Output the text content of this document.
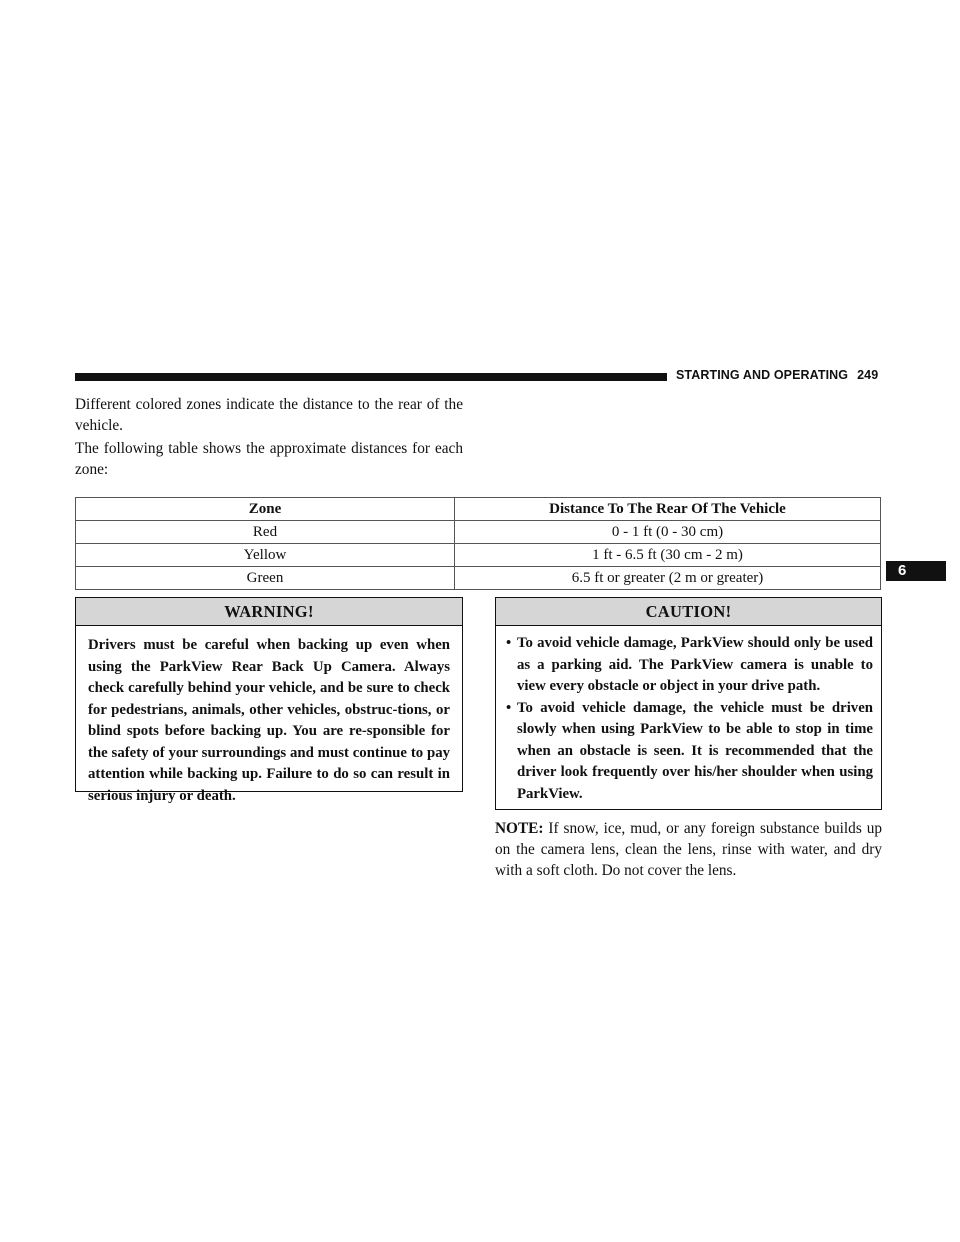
STARTING AND OPERATING 249
6

Different colored zones indicate the distance to the rear of the vehicle.

The following table shows the approximate distances for each zone:

Zone	Distance To The Rear Of The Vehicle
Red	0 - 1 ft (0 - 30 cm)
Yellow	1 ft - 6.5 ft (30 cm - 2 m)
Green	6.5 ft or greater (2 m or greater)
WARNING!
Drivers must be careful when backing up even when using the ParkView Rear Back Up Camera. Always check carefully behind your vehicle, and be sure to check for pedestrians, animals, other vehicles, obstruc-tions, or blind spots before backing up. You are re-sponsible for the safety of your surroundings and must continue to pay attention while backing up. Failure to do so can result in serious injury or death.
CAUTION!
• To avoid vehicle damage, ParkView should only be used as a parking aid. The ParkView camera is unable to view every obstacle or object in your drive path.
• To avoid vehicle damage, the vehicle must be driven slowly when using ParkView to be able to stop in time when an obstacle is seen. It is recommended that the driver look frequently over his/her shoulder when using ParkView.

NOTE: If snow, ice, mud, or any foreign substance builds up on the camera lens, clean the lens, rinse with water, and dry with a soft cloth. Do not cover the lens.
